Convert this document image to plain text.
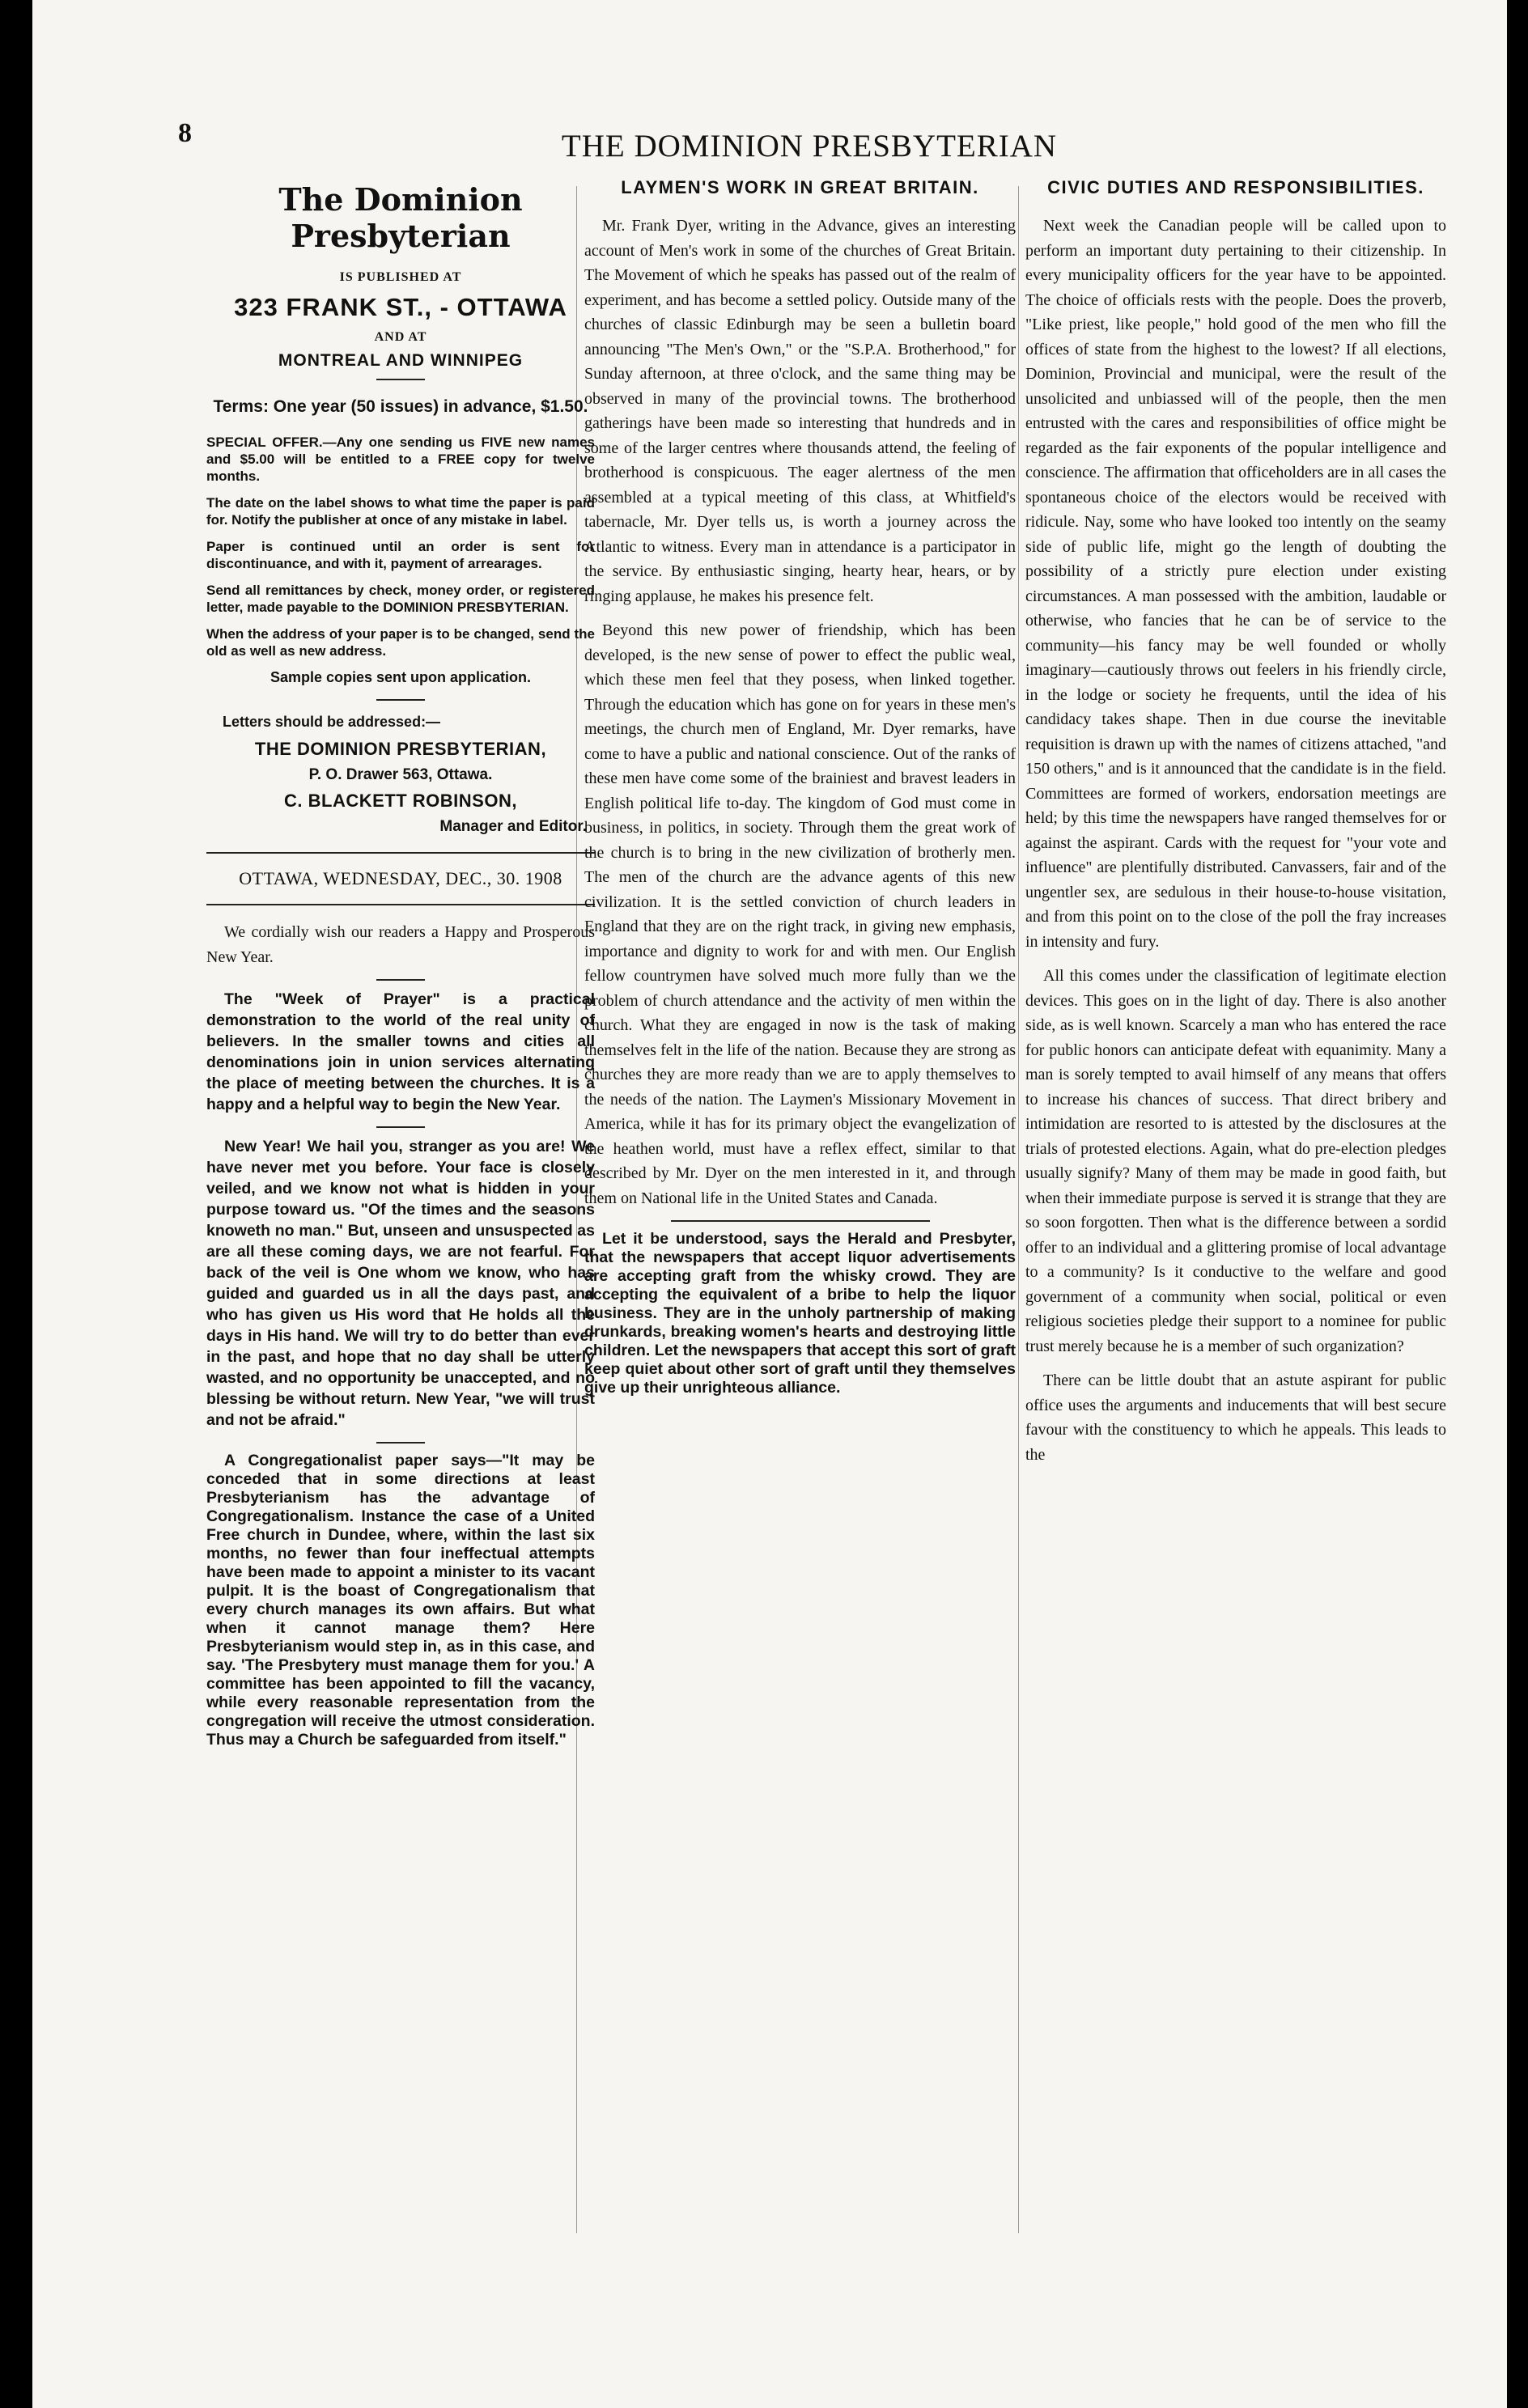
8	THE DOMINION PRESBYTERIAN
The Dominion Presbyterian
IS PUBLISHED AT
323 FRANK ST., - OTTAWA
AND AT
MONTREAL AND WINNIPEG
Terms: One year (50 issues) in advance, $1.50.

SPECIAL OFFER.—Any one sending us FIVE new names and $5.00 will be entitled to a FREE copy for twelve months.

The date on the label shows to what time the paper is paid for. Notify the publisher at once of any mistake in label.

Paper is continued until an order is sent for discontinuance, and with it, payment of arrearages.

Send all remittances by check, money order, or registered letter, made payable to the DOMINION PRESBYTERIAN.

When the address of your paper is to be changed, send the old as well as new address.

Sample copies sent upon application.
Letters should be addressed:—
THE DOMINION PRESBYTERIAN,
P. O. Drawer 563, Ottawa.
C. BLACKETT ROBINSON,
Manager and Editor.
OTTAWA, WEDNESDAY, DEC., 30. 1908

We cordially wish our readers a Happy and Prosperous New Year.

The "Week of Prayer" is a practical demonstration to the world of the real unity of believers. In the smaller towns and cities all denominations join in union services alternating the place of meeting between the churches. It is a happy and a helpful way to begin the New Year.

New Year! We hail you, stranger as you are! We have never met you before. Your face is closely veiled, and we know not what is hidden in your purpose toward us. "Of the times and the seasons knoweth no man." But, unseen and unsuspected as are all these coming days, we are not fearful. For back of the veil is One whom we know, who has guided and guarded us in all the days past, and who has given us His word that He holds all the days in His hand. We will try to do better than ever in the past, and hope that no day shall be utterly wasted, and no opportunity be unaccepted, and no blessing be without return. New Year, "we will trust and not be afraid."

A Congregationalist paper says—"It may be conceded that in some directions at least Presbyterianism has the advantage of Congregationalism. Instance the case of a United Free church in Dundee, where, within the last six months, no fewer than four ineffectual attempts have been made to appoint a minister to its vacant pulpit. It is the boast of Congregationalism that every church manages its own affairs. But what when it cannot manage them? Here Presbyterianism would step in, as in this case, and say. 'The Presbytery must manage them for you.' A committee has been appointed to fill the vacancy, while every reasonable representation from the congregation will receive the utmost consideration. Thus may a Church be safeguarded from itself."

LAYMEN'S WORK IN GREAT BRITAIN.

Mr. Frank Dyer, writing in the Advance, gives an interesting account of Men's work in some of the churches of Great Britain. The Movement of which he speaks has passed out of the realm of experiment, and has become a settled policy. Outside many of the churches of classic Edinburgh may be seen a bulletin board announcing "The Men's Own," or the "S.P.A. Brotherhood," for Sunday afternoon, at three o'clock, and the same thing may be observed in many of the provincial towns. The brotherhood gatherings have been made so interesting that hundreds and in some of the larger centres where thousands attend, the feeling of brotherhood is conspicuous. The eager alertness of the men assembled at a typical meeting of this class, at Whitfield's tabernacle, Mr. Dyer tells us, is worth a journey across the Atlantic to witness. Every man in attendance is a participator in the service. By enthusiastic singing, hearty hear, hears, or by ringing applause, he makes his presence felt.

Beyond this new power of friendship, which has been developed, is the new sense of power to effect the public weal, which these men feel that they posess, when linked together. Through the education which has gone on for years in these men's meetings, the church men of England, Mr. Dyer remarks, have come to have a public and national conscience. Out of the ranks of these men have come some of the brainiest and bravest leaders in English political life to-day. The kingdom of God must come in business, in politics, in society. Through them the great work of the church is to bring in the new civilization of brotherly men. The men of the church are the advance agents of this new civilization. It is the settled conviction of church leaders in England that they are on the right track, in giving new emphasis, importance and dignity to work for and with men. Our English fellow countrymen have solved much more fully than we the problem of church attendance and the activity of men within the church. What they are engaged in now is the task of making themselves felt in the life of the nation. Because they are strong as churches they are more ready than we are to apply themselves to the needs of the nation. The Laymen's Missionary Movement in America, while it has for its primary object the evangelization of the heathen world, must have a reflex effect, similar to that described by Mr. Dyer on the men interested in it, and through them on National life in the United States and Canada.

Let it be understood, says the Herald and Presbyter, that the newspapers that accept liquor advertisements are accepting graft from the whisky crowd. They are accepting the equivalent of a bribe to help the liquor business. They are in the unholy partnership of making drunkards, breaking women's hearts and destroying little children. Let the newspapers that accept this sort of graft keep quiet about other sort of graft until they themselves give up their unrighteous alliance.

CIVIC DUTIES AND RESPONSIBILITIES.

Next week the Canadian people will be called upon to perform an important duty pertaining to their citizenship. In every municipality officers for the year have to be appointed. The choice of officials rests with the people. Does the proverb, "Like priest, like people," hold good of the men who fill the offices of state from the highest to the lowest? If all elections, Dominion, Provincial and municipal, were the result of the unsolicited and unbiassed will of the people, then the men entrusted with the cares and responsibilities of office might be regarded as the fair exponents of the popular intelligence and conscience. The affirmation that officeholders are in all cases the spontaneous choice of the electors would be received with ridicule. Nay, some who have looked too intently on the seamy side of public life, might go the length of doubting the possibility of a strictly pure election under existing circumstances. A man possessed with the ambition, laudable or otherwise, who fancies that he can be of service to the community—his fancy may be well founded or wholly imaginary—cautiously throws out feelers in his friendly circle, in the lodge or society he frequents, until the idea of his candidacy takes shape. Then in due course the inevitable requisition is drawn up with the names of citizens attached, "and 150 others," and is it announced that the candidate is in the field. Committees are formed of workers, endorsation meetings are held; by this time the newspapers have ranged themselves for or against the aspirant. Cards with the request for "your vote and influence" are plentifully distributed. Canvassers, fair and of the ungentler sex, are sedulous in their house-to-house visitation, and from this point on to the close of the poll the fray increases in intensity and fury.

All this comes under the classification of legitimate election devices. This goes on in the light of day. There is also another side, as is well known. Scarcely a man who has entered the race for public honors can anticipate defeat with equanimity. Many a man is sorely tempted to avail himself of any means that offers to increase his chances of success. That direct bribery and intimidation are resorted to is attested by the disclosures at the trials of protested elections. Again, what do pre-election pledges usually signify? Many of them may be made in good faith, but when their immediate purpose is served it is strange that they are so soon forgotten. Then what is the difference between a sordid offer to an individual and a glittering promise of local advantage to a community? Is it conductive to the welfare and good government of a community when social, political or even religious societies pledge their support to a nominee for public trust merely because he is a member of such organization?

There can be little doubt that an astute aspirant for public office uses the arguments and inducements that will best secure favour with the constituency to which he appeals. This leads to the
